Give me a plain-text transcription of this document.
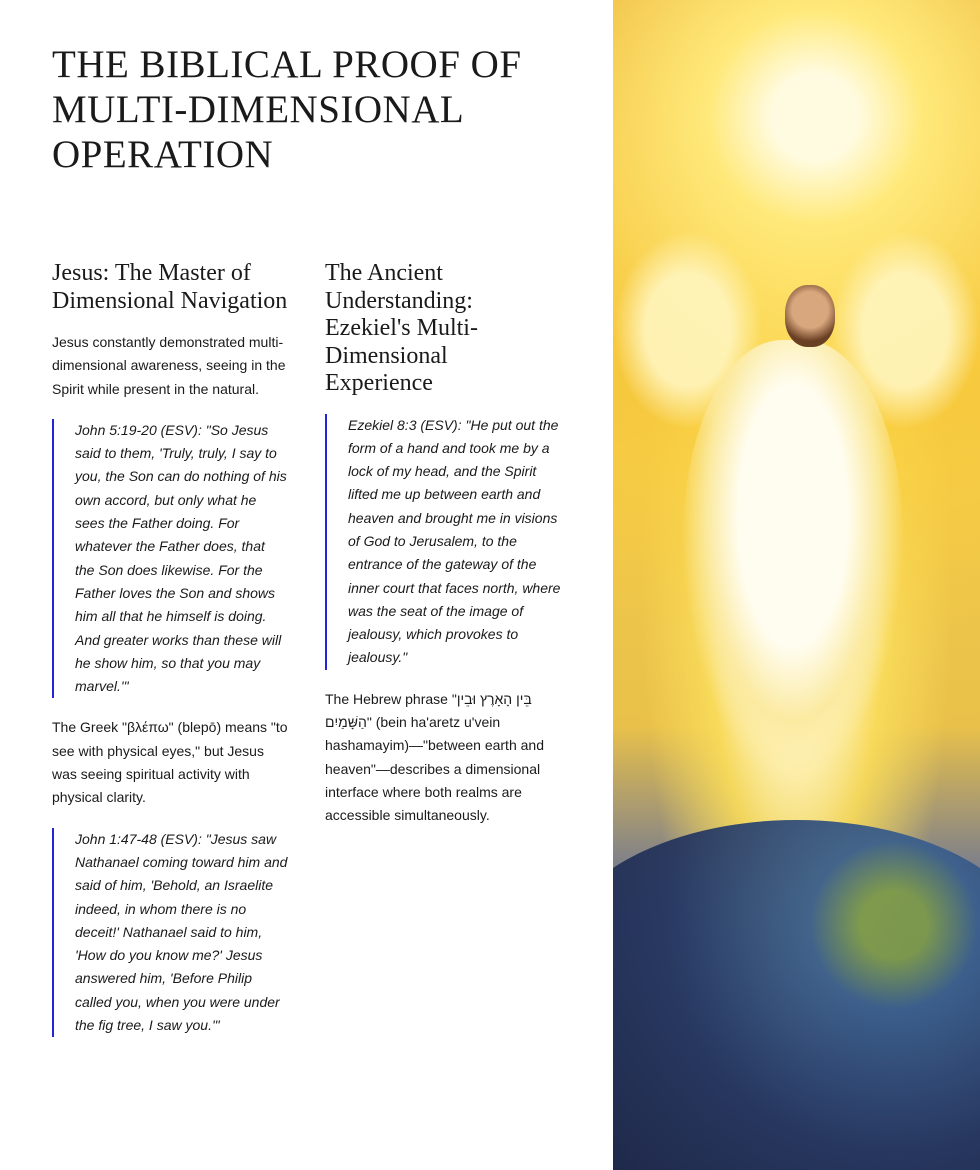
THE BIBLICAL PROOF OF MULTI-DIMENSIONAL OPERATION
Jesus: The Master of Dimensional Navigation

Jesus constantly demonstrated multi-dimensional awareness, seeing in the Spirit while present in the natural.

John 5:19-20 (ESV): "So Jesus said to them, 'Truly, truly, I say to you, the Son can do nothing of his own accord, but only what he sees the Father doing. For whatever the Father does, that the Son does likewise. For the Father loves the Son and shows him all that he himself is doing. And greater works than these will he show him, so that you may marvel.'"

The Greek "βλέπω" (blepō) means "to see with physical eyes," but Jesus was seeing spiritual activity with physical clarity.

John 1:47-48 (ESV): "Jesus saw Nathanael coming toward him and said of him, 'Behold, an Israelite indeed, in whom there is no deceit!' Nathanael said to him, 'How do you know me?' Jesus answered him, 'Before Philip called you, when you were under the fig tree, I saw you.'"
The Ancient Understanding: Ezekiel's Multi-Dimensional Experience
Ezekiel 8:3 (ESV): "He put out the form of a hand and took me by a lock of my head, and the Spirit lifted me up between earth and heaven and brought me in visions of God to Jerusalem, to the entrance of the gateway of the inner court that faces north, where was the seat of the image of jealousy, which provokes to jealousy."

The Hebrew phrase "בֵּין הָאָרֶץ וּבֵין הַשָּׁמַיִם" (bein ha'aretz u'vein hashamayim)—"between earth and heaven"—describes a dimensional interface where both realms are accessible simultaneously.
